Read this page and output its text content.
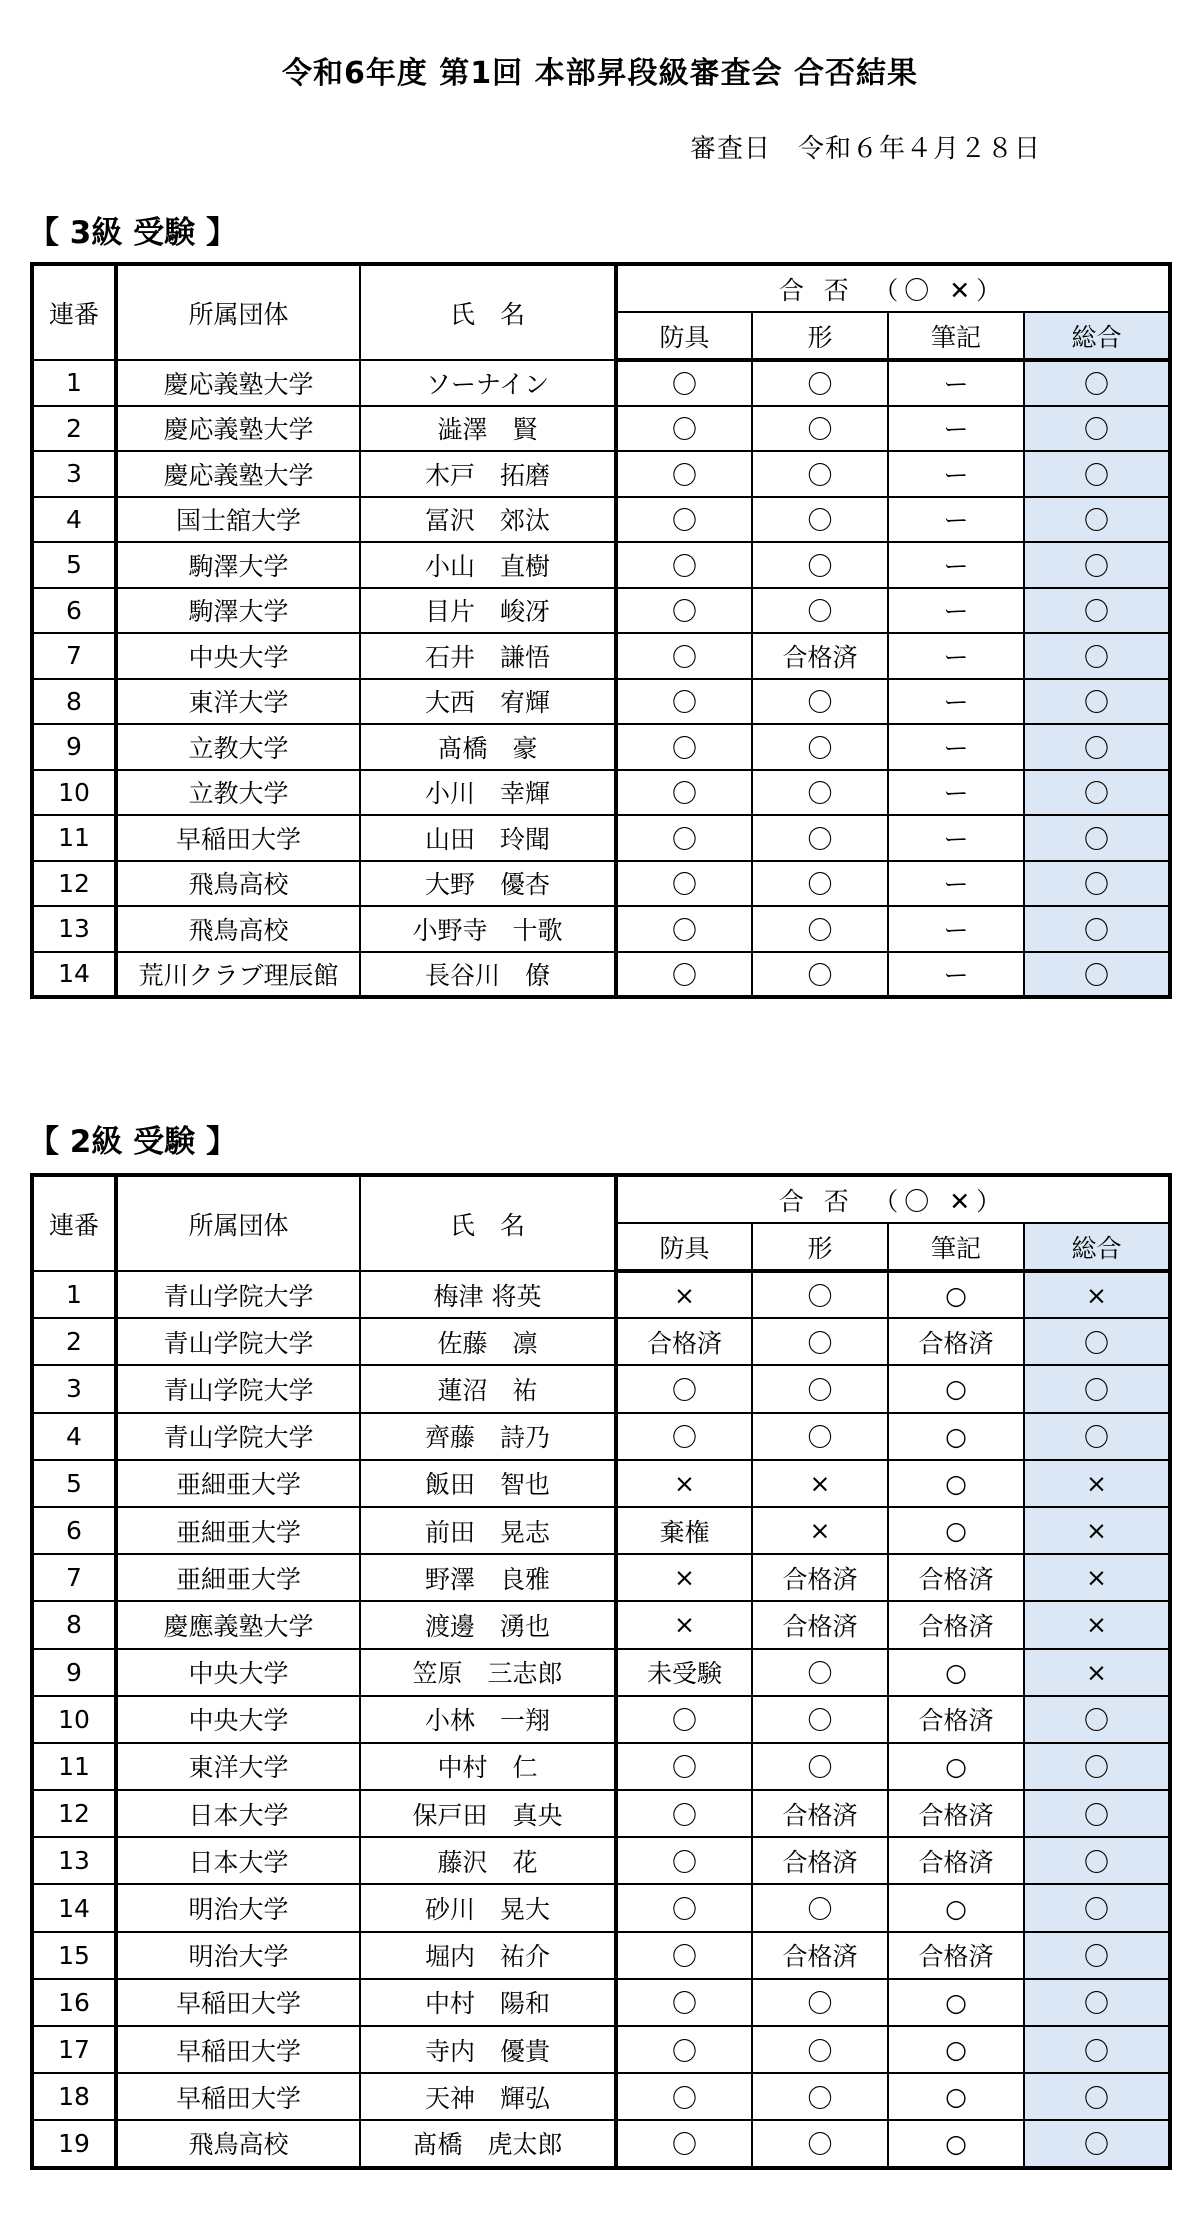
令和6年度 第1回 本部昇段級審査会 合否結果
審査日　令和６年４月２８日
【 3級 受験 】
連番	所属団体	氏　名	合 否　（〇 ✕）			
			防具	形	筆記	総合
1	慶応義塾大学	ソーナイン	〇	〇	ー	〇
2	慶応義塾大学	澁澤　賢	〇	〇	ー	〇
3	慶応義塾大学	木戸　拓磨	〇	〇	ー	〇
4	国士舘大学	冨沢　郊汰	〇	〇	ー	〇
5	駒澤大学	小山　直樹	〇	〇	ー	〇
6	駒澤大学	目片　峻冴	〇	〇	ー	〇
7	中央大学	石井　謙悟	〇	合格済	ー	〇
8	東洋大学	大西　宥輝	〇	〇	ー	〇
9	立教大学	髙橋　豪	〇	〇	ー	〇
10	立教大学	小川　幸輝	〇	〇	ー	〇
11	早稲田大学	山田　玲聞	〇	〇	ー	〇
12	飛鳥高校	大野　優杏	〇	〇	ー	〇
13	飛鳥高校	小野寺　十歌	〇	〇	ー	〇
14	荒川クラブ理辰館	長谷川　僚	〇	〇	ー	〇
【 2級 受験 】
連番	所属団体	氏　名	合 否　（〇 ✕）			
			防具	形	筆記	総合
1	青山学院大学	梅津 将英	×	〇	○	×
2	青山学院大学	佐藤　凛	合格済	〇	合格済	〇
3	青山学院大学	蓮沼　祐	〇	〇	○	〇
4	青山学院大学	齊藤　詩乃	〇	〇	○	〇
5	亜細亜大学	飯田　智也	×	×	○	×
6	亜細亜大学	前田　晃志	棄権	×	○	×
7	亜細亜大学	野澤　良雅	×	合格済	合格済	×
8	慶應義塾大学	渡邊　湧也	×	合格済	合格済	×
9	中央大学	笠原　三志郎	未受験	〇	○	×
10	中央大学	小林　一翔	〇	〇	合格済	〇
11	東洋大学	中村　仁	〇	〇	○	〇
12	日本大学	保戸田　真央	〇	合格済	合格済	〇
13	日本大学	藤沢　花	〇	合格済	合格済	〇
14	明治大学	砂川　晃大	〇	〇	○	〇
15	明治大学	堀内　祐介	〇	合格済	合格済	〇
16	早稲田大学	中村　陽和	〇	〇	○	〇
17	早稲田大学	寺内　優貴	〇	〇	○	〇
18	早稲田大学	天神　輝弘	〇	〇	○	〇
19	飛鳥高校	髙橋　虎太郎	〇	〇	○	〇
